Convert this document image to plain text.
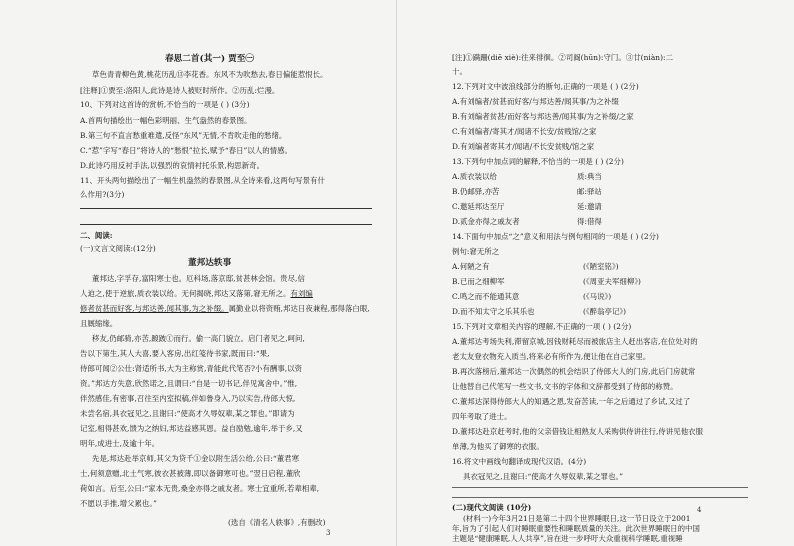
春思二首(其一) 贾至㊀
草色青青柳色黄,桃花历乱⑬李花香。东风不为吹愁去,春日偏能惹恨长。
[注释]①贾至:洛阳人,此诗是诗人被贬时所作。②历乱:烂漫。
10、下列对这首诗的赏析,不恰当的一项是 ( ) (3分)
A.首两句描绘出一幅色彩明丽、生气盎然的春景图。
B.第三句不直言愁重难遣,反怪“东风”无情,不肯吹走他的愁绪。
C.“惹”字写“春日”将诗人的“愁恨”拉长,赋予“春日”以人的情感。
D.此诗巧用反衬手法,以强烈的哀情衬托乐景,构思新奇。
11、开头两句描绘出了一幅生机盎然的春景图,从全诗来看,这两句写景有什
么作用?(3分)
二、阅读:
(一)文言文阅读:(12分)
董邦达轶事
董邦达,字孚存,富阳寒士也。厄科场,落京邸,贫甚林会馆。贵尽,信
人迫之,使于逆旅,质衣装以给。无何揭晓,邦达又落第,窘无所之。有刘编
修者贫甚而好客,与邦达善,闻其事,为之补缀。属勤业以将资贿,邦达日夜兼程,那得落白眼,
且厩缩缘。
移友,仍邮骑,亦苦,踱跛①而行。偷一高门貌立。启门者见之,呵问,
告以下第生,其人大喜,要入客房,出红笺待书家,既而曰:“果,
侍郎可闻②公仕:肾适所书,大为主称赏,青能此代笔否?小有酬事,以资
资。”邦达方失意,欣然诺之,且谓曰:“自是一切书记,伴见寓舍中。”惟,
伴然感佳,有密事,召往至内室拟稿,伴如鲁身入,乃以实告,侍郎大惊,
未尝名宿,具衣冠见之,且谢曰:“使高才久辱奴辈,某之罪也。”即请为
记室,相得甚欢,馈为之纳妇,邦达益感其恩。益自励勉,逾年,举于乡,又
明年,成进士,及逾十年。
先是,邦达赴举京师,其父为贷千①金以附生活公给,公曰:“董君寒
士,何须意赠,北土气寒,彼衣甚被薄,即以备御寒可也。”翌日启程,董欣
荷如言。后至,公曰:“家本无贵,桑金亦得之戚友者。寒士宜重所,若辈相辈,
不愿以手推,增父累也。”
(选自《清名人轶事》,有删改)
3
[注]①蹒跚(diē xiè):往来徘徊。②司阍(hūn):守门。③廿(niàn):二
十。
12.下列对文中波浪线部分的断句,正确的一项是 ( ) (2分)
A.有刘编者/贫甚而好客/与邦达善/闻其事/为之补缀
B.有刘编者贫甚/而好客与邦达善/闻其事/为之补缀/之家
C.有刘编者/寄其才/闻诸不长安/贫贱馆/之家
D.有刘编者寄其才/闻诸/不长安贫贱/馆之家
13.下列句中加点词的解释,不恰当的一项是 ( ) (2分)
A.质衣装以给	质:典当
B.仍邮驿,亦苦	邮:驿站
C.邀延邦达至厅	延:邀请
D.贰金亦得之戚友者	得:借得
14.下面句中加点“之”意义和用法与例句相同的一项是 ( ) (2分)
例句:窘无所之
A.何陋之有	(《陋室铭》)
B.已而之细柳军	(《周亚夫军细柳》)
C.鸣之而不能通其意	(《马说》)
D.而不知太守之乐其乐也	(《醉翁亭记》)
15.下列对文章相关内容的理解,不正确的一项 ( ) (2分)
A.董邦达考场失利,滞留京城,因钱财耗尽而被旅店主人赶出客店,在位处对的
老太友登衣物充入质当,将来必有所作为,便让他在自己家里。
B.再次落榜后,董邦达一次偶然的机会结识了侍郎大人的门房,此后门房就常
让他替自己代笔写一些文书,文书的字体和文辞都受到了侍郎的称赞。
C.董邦达深得侍郎大人的知遇之恩,发奋苦读,一年之后通过了乡试,又过了
四年考取了进士。
D.董邦达赴京赶考时,他的父亲借钱让相熟友人采购供侍讲往行,侍讲见他衣服
单薄,为他买了御寒的衣服。
16.将文中画线句翻译成现代汉语。(4分)
具衣冠见之,且谢曰:“使高才久辱奴辈,某之罪也。”
(二)现代文阅读 (10分)
(材料一)今年3月21日是第二十四个世界睡眠日,这一节日设立于2001
年,旨为了引起人们对睡眠重要性和睡眠质量的关注。此次世界睡眠日的中国
主题是“健康睡眠,人人共享”,旨在进一步呼吁大众重视科学睡眠,重视睡
4
